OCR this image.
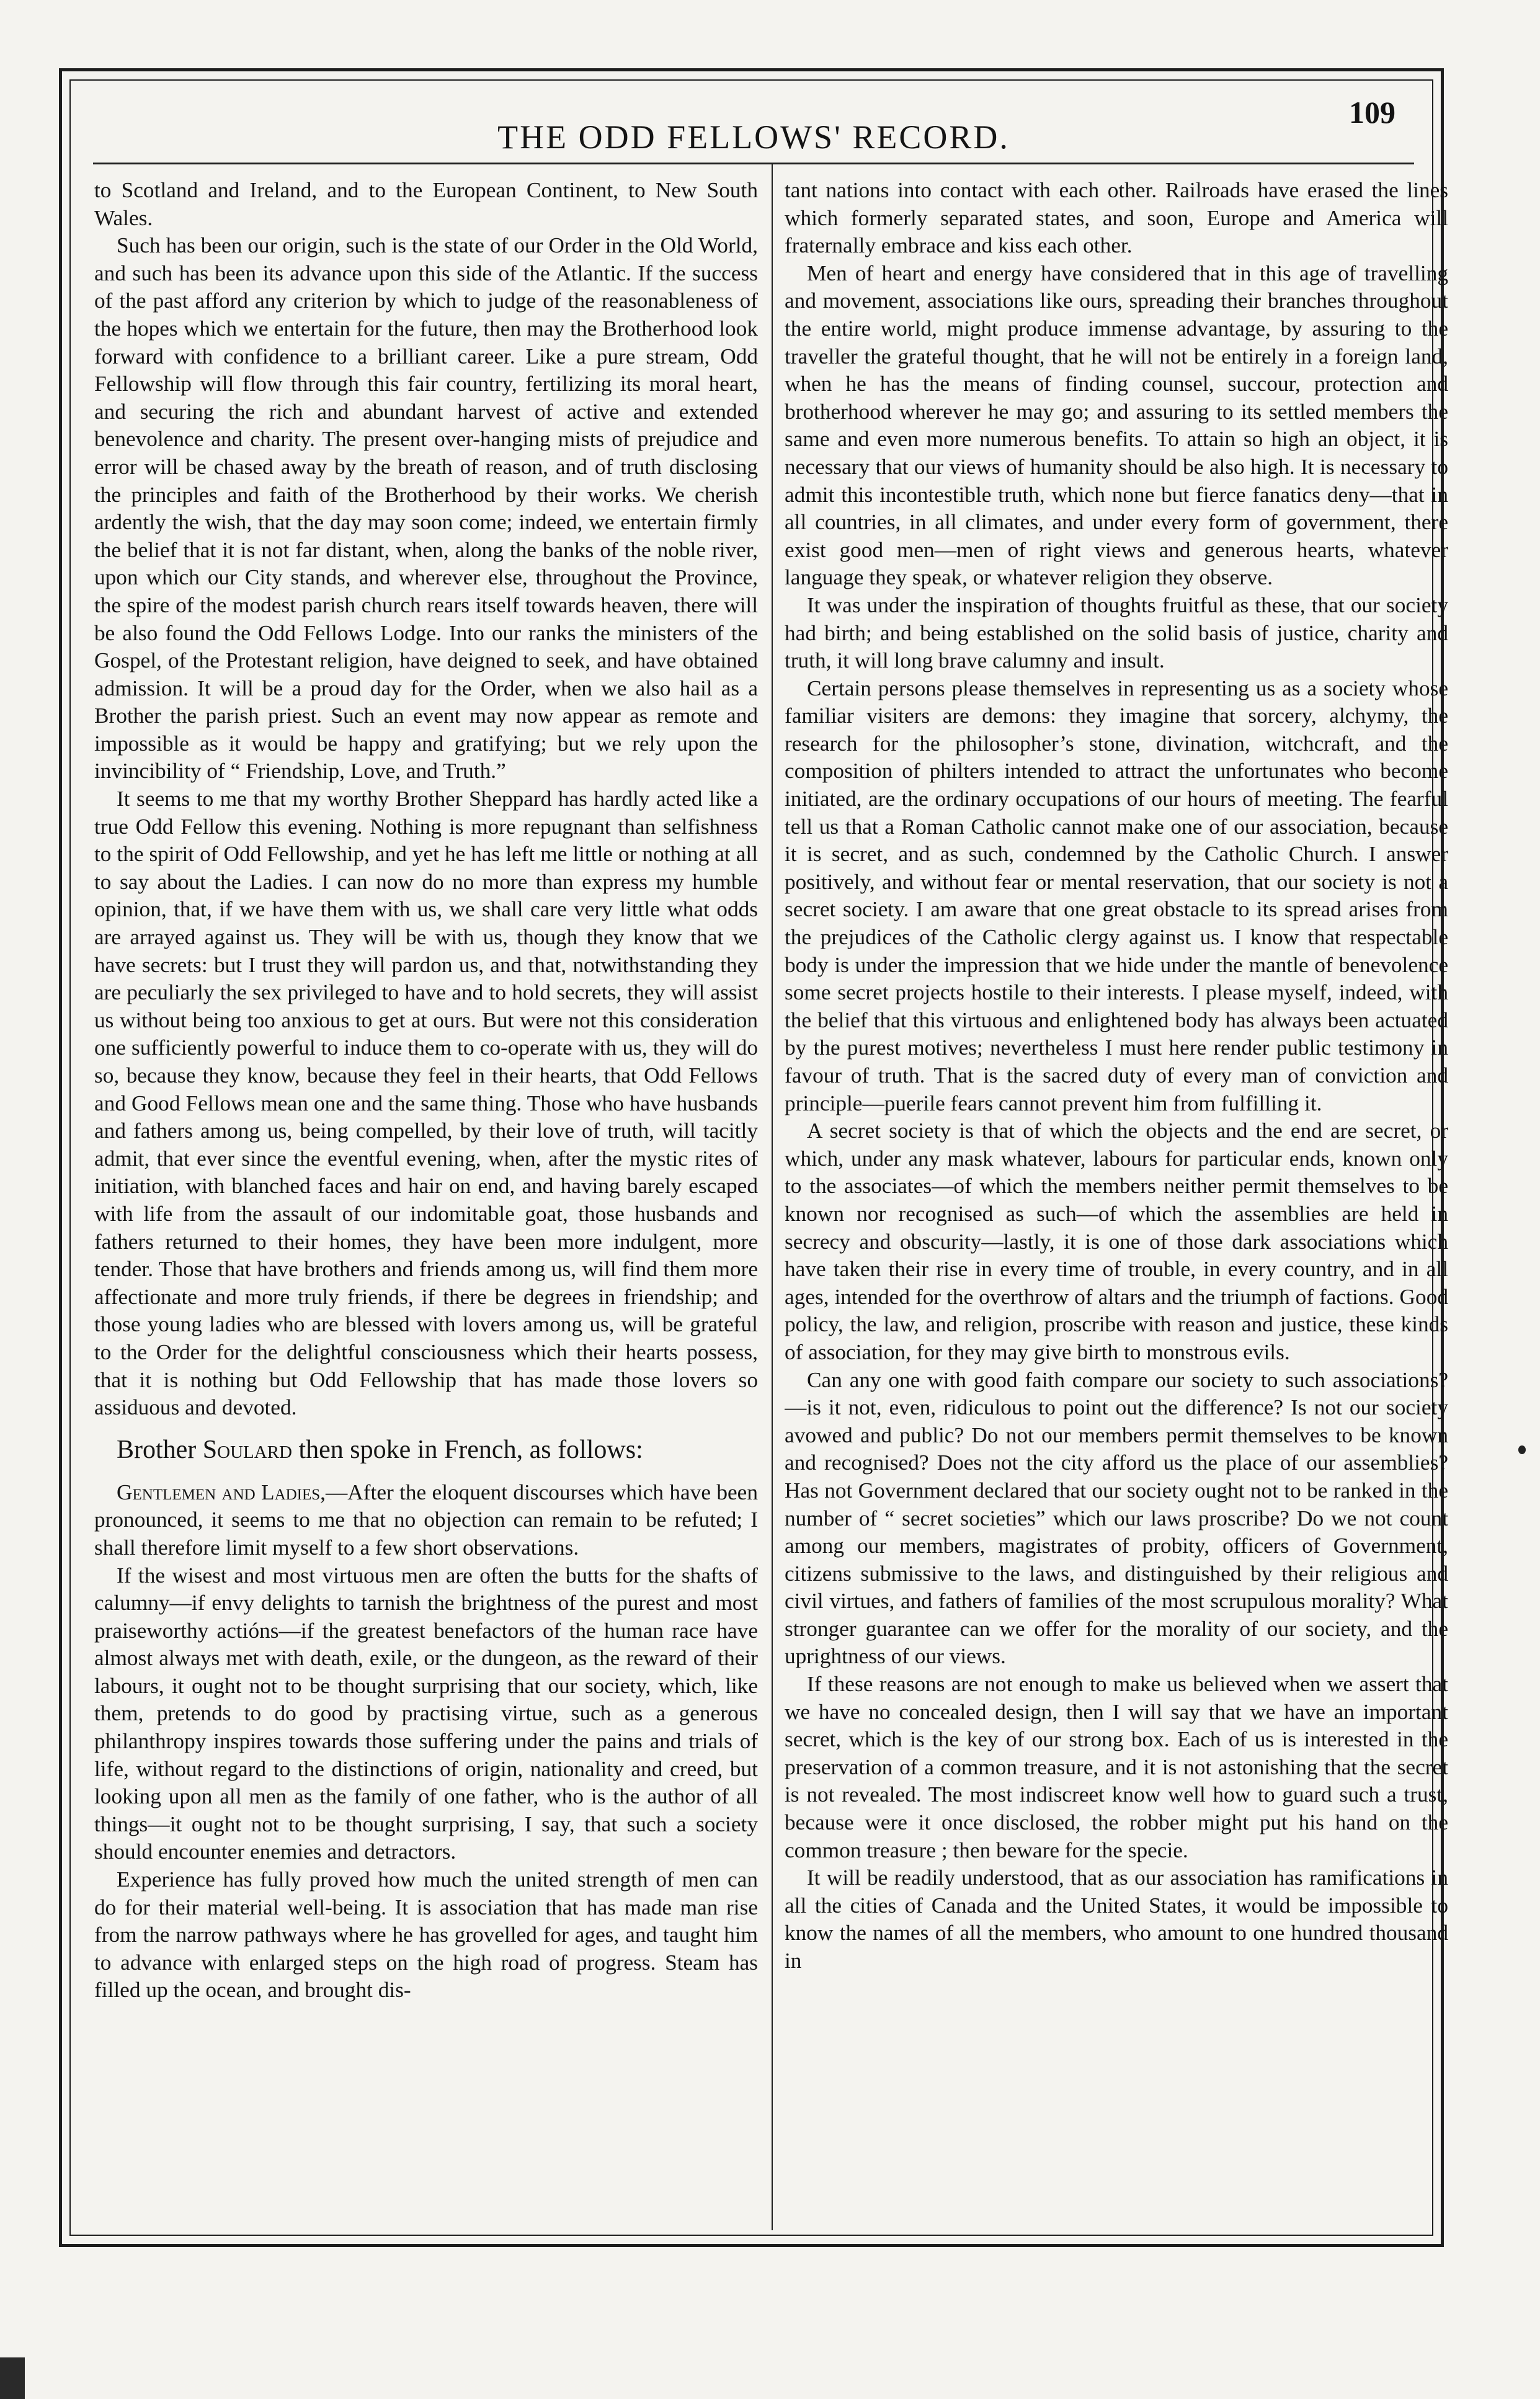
THE ODD FELLOWS' RECORD.
109

to Scotland and Ireland, and to the European Continent, to New South Wales.

Such has been our origin, such is the state of our Order in the Old World, and such has been its advance upon this side of the Atlantic. If the success of the past afford any criterion by which to judge of the reasonableness of the hopes which we entertain for the future, then may the Brotherhood look forward with confidence to a brilliant career. Like a pure stream, Odd Fellowship will flow through this fair country, fertilizing its moral heart, and securing the rich and abundant harvest of active and extended benevolence and charity. The present over-hanging mists of prejudice and error will be chased away by the breath of reason, and of truth disclosing the principles and faith of the Brotherhood by their works. We cherish ardently the wish, that the day may soon come; indeed, we entertain firmly the belief that it is not far distant, when, along the banks of the noble river, upon which our City stands, and wherever else, throughout the Province, the spire of the modest parish church rears itself towards heaven, there will be also found the Odd Fellows Lodge. Into our ranks the ministers of the Gospel, of the Protestant religion, have deigned to seek, and have obtained admission. It will be a proud day for the Order, when we also hail as a Brother the parish priest. Such an event may now appear as remote and impossible as it would be happy and gratifying; but we rely upon the invincibility of “ Friendship, Love, and Truth.”

It seems to me that my worthy Brother Sheppard has hardly acted like a true Odd Fellow this evening. Nothing is more repugnant than selfishness to the spirit of Odd Fellowship, and yet he has left me little or nothing at all to say about the Ladies. I can now do no more than express my humble opinion, that, if we have them with us, we shall care very little what odds are arrayed against us. They will be with us, though they know that we have secrets: but I trust they will pardon us, and that, notwithstanding they are peculiarly the sex privileged to have and to hold secrets, they will assist us without being too anxious to get at ours. But were not this consideration one sufficiently powerful to induce them to co-operate with us, they will do so, because they know, because they feel in their hearts, that Odd Fellows and Good Fellows mean one and the same thing. Those who have husbands and fathers among us, being compelled, by their love of truth, will tacitly admit, that ever since the eventful evening, when, after the mystic rites of initiation, with blanched faces and hair on end, and having barely escaped with life from the assault of our indomitable goat, those husbands and fathers returned to their homes, they have been more indulgent, more tender. Those that have brothers and friends among us, will find them more affectionate and more truly friends, if there be degrees in friendship; and those young ladies who are blessed with lovers among us, will be grateful to the Order for the delightful consciousness which their hearts possess, that it is nothing but Odd Fellowship that has made those lovers so assiduous and devoted.

Brother Soulard then spoke in French, as follows:

Gentlemen and Ladies,—After the eloquent discourses which have been pronounced, it seems to me that no objection can remain to be refuted; I shall therefore limit myself to a few short observations.

If the wisest and most virtuous men are often the butts for the shafts of calumny—if envy delights to tarnish the brightness of the purest and most praiseworthy actións—if the greatest benefactors of the human race have almost always met with death, exile, or the dungeon, as the reward of their labours, it ought not to be thought surprising that our society, which, like them, pretends to do good by practising virtue, such as a generous philanthropy inspires towards those suffering under the pains and trials of life, without regard to the distinctions of origin, nationality and creed, but looking upon all men as the family of one father, who is the author of all things—it ought not to be thought surprising, I say, that such a society should encounter enemies and detractors.

Experience has fully proved how much the united strength of men can do for their material well-being. It is association that has made man rise from the narrow pathways where he has grovelled for ages, and taught him to advance with enlarged steps on the high road of progress. Steam has filled up the ocean, and brought dis-

tant nations into contact with each other. Railroads have erased the lines which formerly separated states, and soon, Europe and America will fraternally embrace and kiss each other.

Men of heart and energy have considered that in this age of travelling and movement, associations like ours, spreading their branches throughout the entire world, might produce immense advantage, by assuring to the traveller the grateful thought, that he will not be entirely in a foreign land, when he has the means of finding counsel, succour, protection and brotherhood wherever he may go; and assuring to its settled members the same and even more numerous benefits. To attain so high an object, it is necessary that our views of humanity should be also high. It is necessary to admit this incontestible truth, which none but fierce fanatics deny—that in all countries, in all climates, and under every form of government, there exist good men—men of right views and generous hearts, whatever language they speak, or whatever religion they observe.

It was under the inspiration of thoughts fruitful as these, that our society had birth; and being established on the solid basis of justice, charity and truth, it will long brave calumny and insult.

Certain persons please themselves in representing us as a society whose familiar visiters are demons: they imagine that sorcery, alchymy, the research for the philosopher’s stone, divination, witchcraft, and the composition of philters intended to attract the unfortunates who become initiated, are the ordinary occupations of our hours of meeting. The fearful tell us that a Roman Catholic cannot make one of our association, because it is secret, and as such, condemned by the Catholic Church. I answer positively, and without fear or mental reservation, that our society is not a secret society. I am aware that one great obstacle to its spread arises from the prejudices of the Catholic clergy against us. I know that respectable body is under the impression that we hide under the mantle of benevolence some secret projects hostile to their interests. I please myself, indeed, with the belief that this virtuous and enlightened body has always been actuated by the purest motives; nevertheless I must here render public testimony in favour of truth. That is the sacred duty of every man of conviction and principle—puerile fears cannot prevent him from fulfilling it.

A secret society is that of which the objects and the end are secret, or which, under any mask whatever, labours for particular ends, known only to the associates—of which the members neither permit themselves to be known nor recognised as such—of which the assemblies are held in secrecy and obscurity—lastly, it is one of those dark associations which have taken their rise in every time of trouble, in every country, and in all ages, intended for the overthrow of altars and the triumph of factions. Good policy, the law, and religion, proscribe with reason and justice, these kinds of association, for they may give birth to monstrous evils.

Can any one with good faith compare our society to such associations?—is it not, even, ridiculous to point out the difference? Is not our society avowed and public? Do not our members permit themselves to be known and recognised? Does not the city afford us the place of our assemblies? Has not Government declared that our society ought not to be ranked in the number of “ secret societies” which our laws proscribe? Do we not count among our members, magistrates of probity, officers of Government, citizens submissive to the laws, and distinguished by their religious and civil virtues, and fathers of families of the most scrupulous morality? What stronger guarantee can we offer for the morality of our society, and the uprightness of our views.

If these reasons are not enough to make us believed when we assert that we have no concealed design, then I will say that we have an important secret, which is the key of our strong box. Each of us is interested in the preservation of a common treasure, and it is not astonishing that the secret is not revealed. The most indiscreet know well how to guard such a trust, because were it once disclosed, the robber might put his hand on the common treasure ; then beware for the specie.

It will be readily understood, that as our association has ramifications in all the cities of Canada and the United States, it would be impossible to know the names of all the members, who amount to one hundred thousand in
